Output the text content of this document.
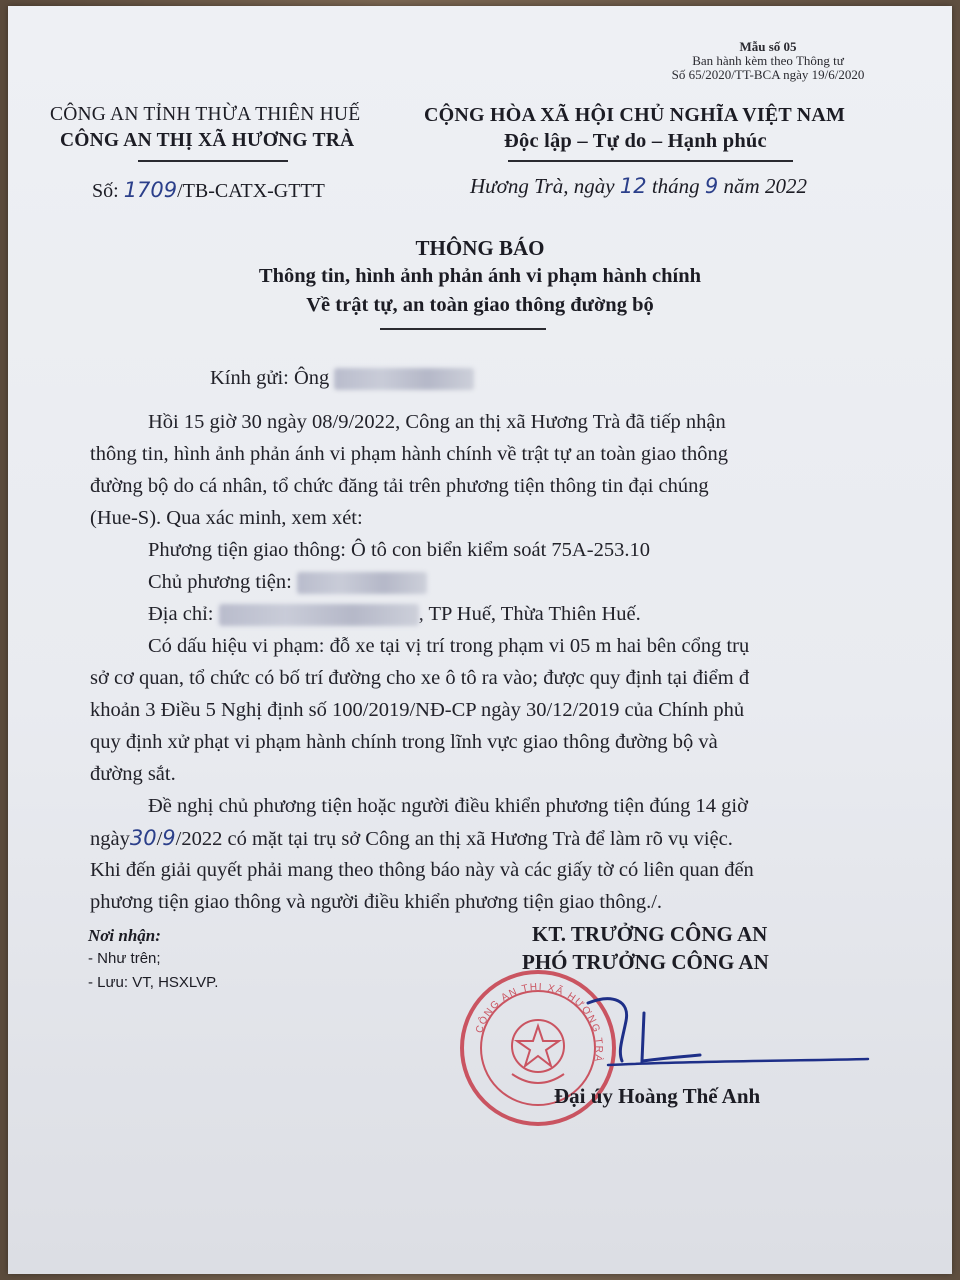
Mẫu số 05
Ban hành kèm theo Thông tư
Số 65/2020/TT-BCA ngày 19/6/2020
CÔNG AN TỈNH THỪA THIÊN HUẾ
CÔNG AN THỊ XÃ HƯƠNG TRÀ
Số: 1709/TB-CATX-GTTT
CỘNG HÒA XÃ HỘI CHỦ NGHĨA VIỆT NAM
Độc lập – Tự do – Hạnh phúc
Hương Trà, ngày 12 tháng 9 năm 2022
THÔNG BÁO
Thông tin, hình ảnh phản ánh vi phạm hành chính
Về trật tự, an toàn giao thông đường bộ
Kính gửi: Ông
Hồi 15 giờ 30 ngày 08/9/2022, Công an thị xã Hương Trà đã tiếp nhận
thông tin, hình ảnh phản ánh vi phạm hành chính về trật tự an toàn giao thông
đường bộ do cá nhân, tổ chức đăng tải trên phương tiện thông tin đại chúng
(Hue-S). Qua xác minh, xem xét:
Phương tiện giao thông: Ô tô con biển kiểm soát 75A-253.10
Chủ phương tiện:
Địa chỉ:	, TP Huế, Thừa Thiên Huế.
Có dấu hiệu vi phạm: đỗ xe tại vị trí trong phạm vi 05 m hai bên cổng trụ
sở cơ quan, tổ chức có bố trí đường cho xe ô tô ra vào; được quy định tại điểm đ
khoản 3 Điều 5 Nghị định số 100/2019/NĐ-CP ngày 30/12/2019 của Chính phủ
quy định xử phạt vi phạm hành chính trong lĩnh vực giao thông đường bộ và
đường sắt.
Đề nghị chủ phương tiện hoặc người điều khiển phương tiện đúng 14 giờ
ngày30/9/2022 có mặt tại trụ sở Công an thị xã Hương Trà để làm rõ vụ việc.
Khi đến giải quyết phải mang theo thông báo này và các giấy tờ có liên quan đến
phương tiện giao thông và người điều khiển phương tiện giao thông./.
Nơi nhận:
- Như trên;
- Lưu: VT, HSXLVP.
KT. TRƯỞNG CÔNG AN
PHÓ TRƯỞNG CÔNG AN
CÔNG AN THỊ XÃ HƯƠNG TRÀ
Đại úy Hoàng Thế Anh
